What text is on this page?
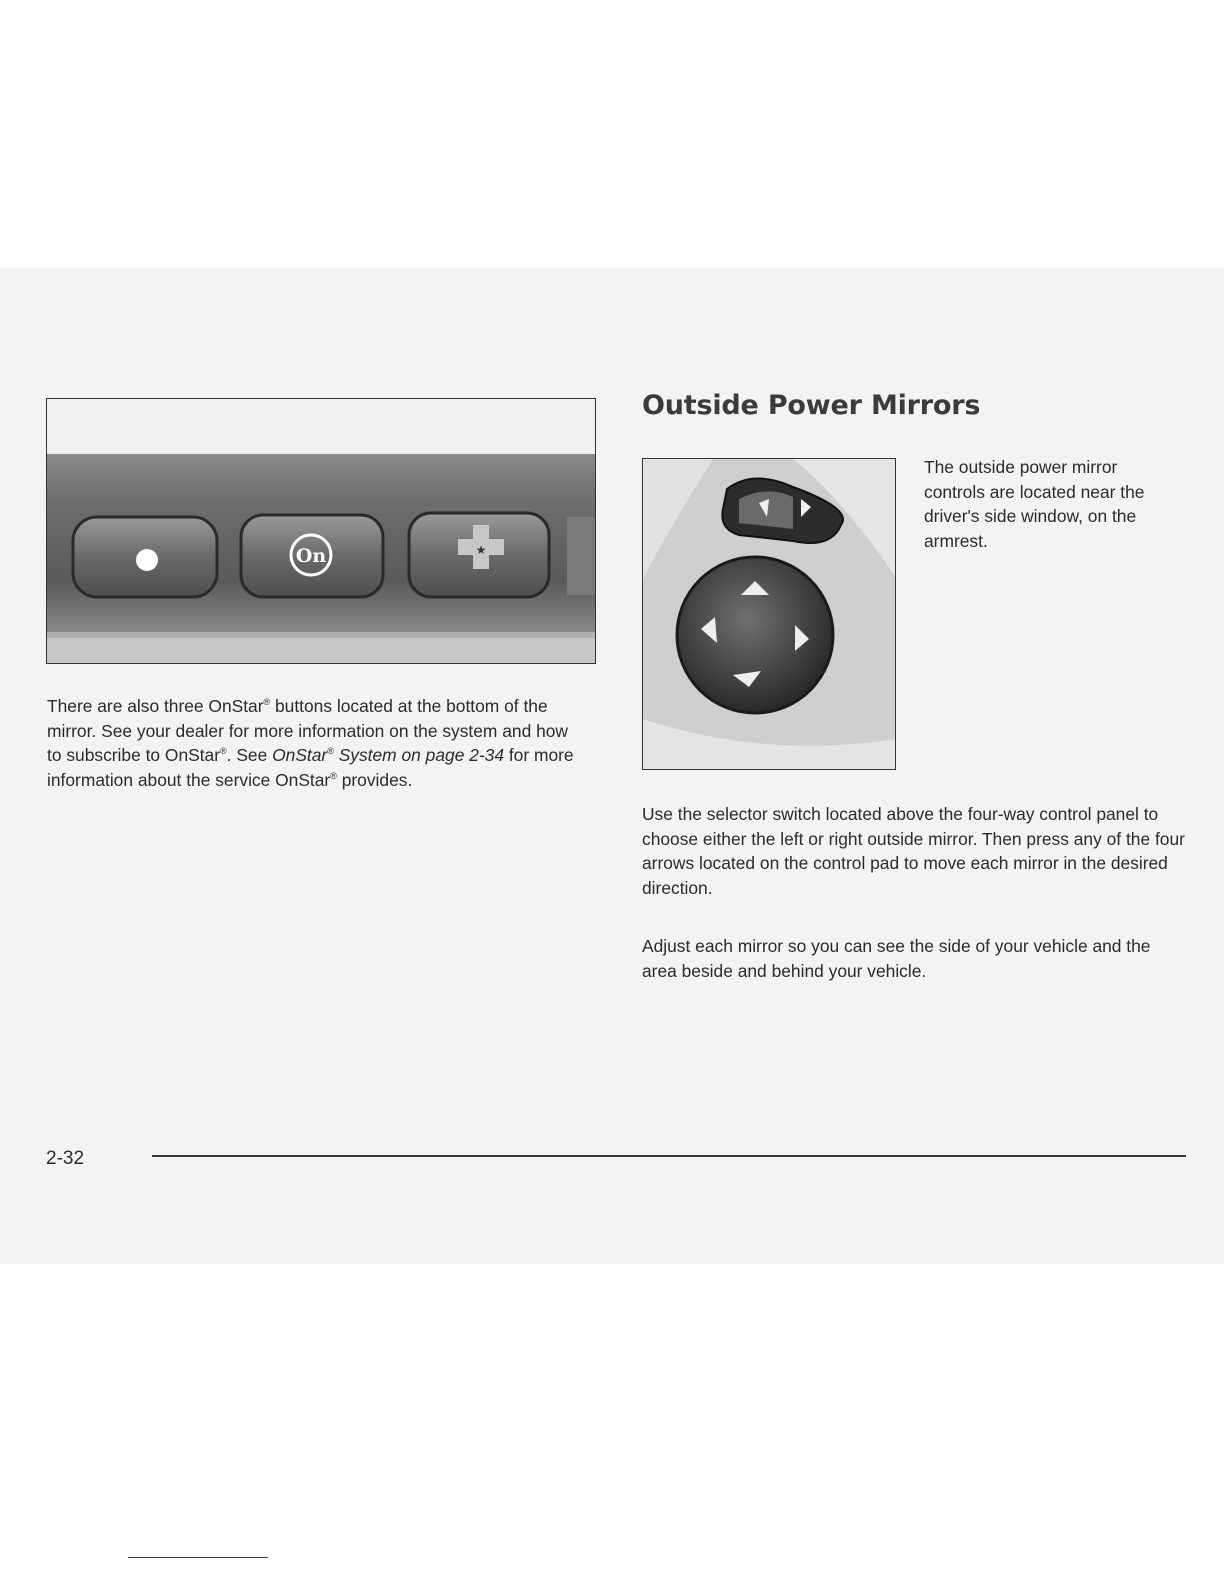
On	★

There are also three OnStar® buttons located at the bottom of the mirror. See your dealer for more information on the system and how to subscribe to OnStar®. See OnStar® System on page 2-34 for more information about the service OnStar® provides.

Outside Power Mirrors

The outside power mirror controls are located near the driver's side window, on the armrest.

Use the selector switch located above the four-way control panel to choose either the left or right outside mirror. Then press any of the four arrows located on the control pad to move each mirror in the desired direction.

Adjust each mirror so you can see the side of your vehicle and the area beside and behind your vehicle.

2-32
